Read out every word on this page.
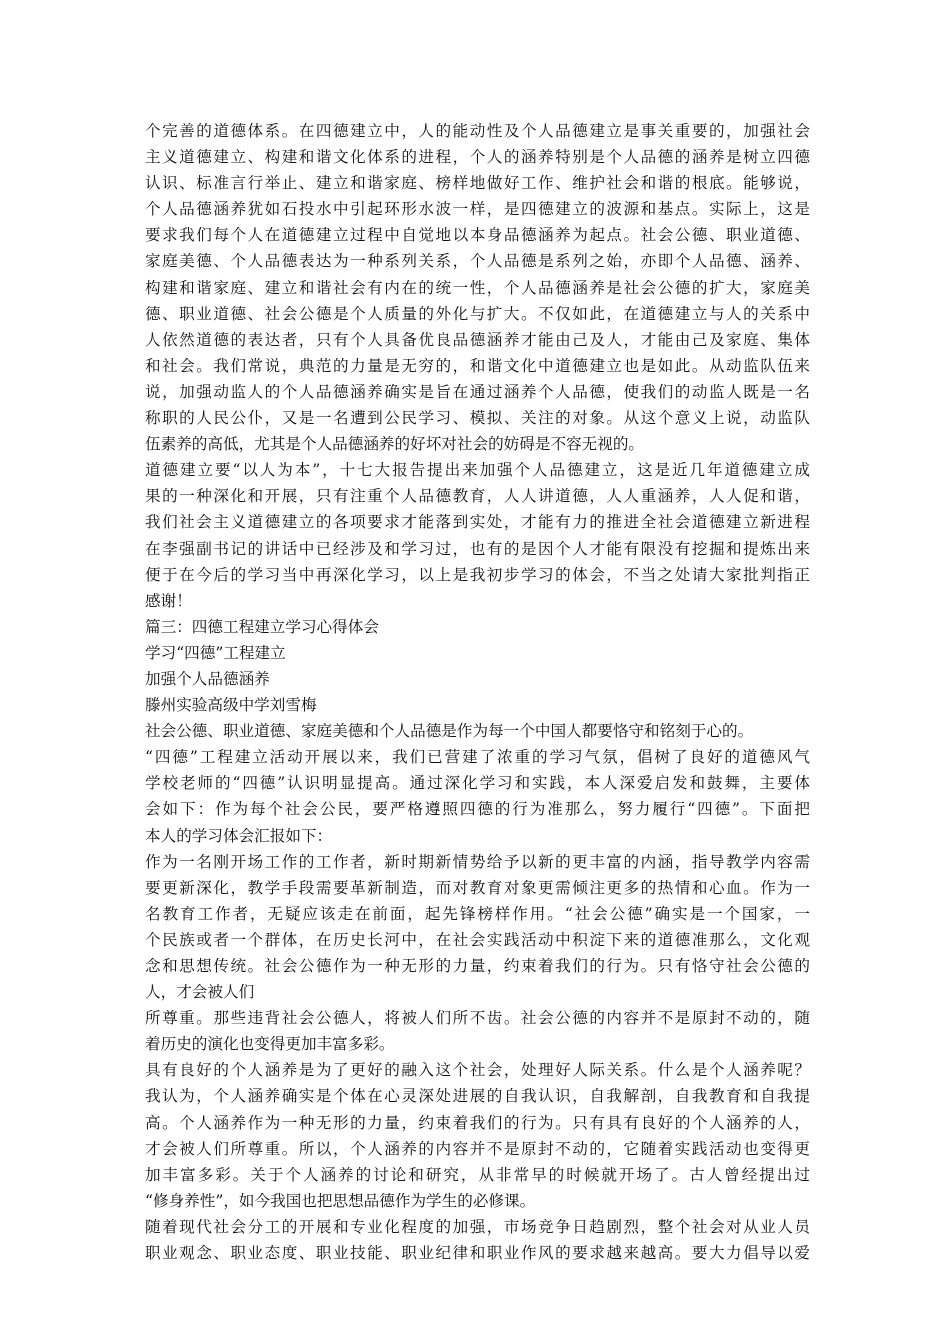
个完善的道德体系。在四德建立中，人的能动性及个人品德建立是事关重要的，加强社会
主义道德建立、构建和谐文化体系的进程，个人的涵养特别是个人品德的涵养是树立四德
认识、标准言行举止、建立和谐家庭、榜样地做好工作、维护社会和谐的根底。能够说，
个人品德涵养犹如石投水中引起环形水波一样，是四德建立的波源和基点。实际上，这是
要求我们每个人在道德建立过程中自觉地以本身品德涵养为起点。社会公德、职业道德、
家庭美德、个人品德表达为一种系列关系，个人品德是系列之始，亦即个人品德、涵养、
构建和谐家庭、建立和谐社会有内在的统一性，个人品德涵养是社会公德的扩大，家庭美
德、职业道德、社会公德是个人质量的外化与扩大。不仅如此，在道德建立与人的关系中
人依然道德的表达者，只有个人具备优良品德涵养才能由己及人，才能由己及家庭、集体
和社会。我们常说，典范的力量是无穷的，和谐文化中道德建立也是如此。从动监队伍来
说，加强动监人的个人品德涵养确实是旨在通过涵养个人品德，使我们的动监人既是一名
称职的人民公仆，又是一名遭到公民学习、模拟、关注的对象。从这个意义上说，动监队
伍素养的高低，尤其是个人品德涵养的好坏对社会的妨碍是不容无视的。
道德建立要“以人为本”，十七大报告提出来加强个人品德建立，这是近几年道德建立成
果的一种深化和开展，只有注重个人品德教育，人人讲道德，人人重涵养，人人促和谐，
我们社会主义道德建立的各项要求才能落到实处，才能有力的推进全社会道德建立新进程
在李强副书记的讲话中已经涉及和学习过，也有的是因个人才能有限没有挖掘和提炼出来
便于在今后的学习当中再深化学习，以上是我初步学习的体会，不当之处请大家批判指正
感谢！
篇三：四德工程建立学习心得体会
学习“四德”工程建立
加强个人品德涵养
滕州实验高级中学刘雪梅
社会公德、职业道德、家庭美德和个人品德是作为每一个中国人都要恪守和铭刻于心的。
“四德”工程建立活动开展以来，我们已营建了浓重的学习气氛，倡树了良好的道德风气
学校老师的“四德”认识明显提高。通过深化学习和实践，本人深爱启发和鼓舞，主要体
会如下：作为每个社会公民，要严格遵照四德的行为准那么，努力履行“四德”。下面把
本人的学习体会汇报如下：
作为一名刚开场工作的工作者，新时期新情势给予以新的更丰富的内涵，指导教学内容需
要更新深化，教学手段需要革新制造，而对教育对象更需倾注更多的热情和心血。作为一
名教育工作者，无疑应该走在前面，起先锋榜样作用。“社会公德”确实是一个国家，一
个民族或者一个群体，在历史长河中，在社会实践活动中积淀下来的道德准那么，文化观
念和思想传统。社会公德作为一种无形的力量，约束着我们的行为。只有恪守社会公德的
人，才会被人们
所尊重。那些违背社会公德人，将被人们所不齿。社会公德的内容并不是原封不动的，随
着历史的演化也变得更加丰富多彩。
具有良好的个人涵养是为了更好的融入这个社会，处理好人际关系。什么是个人涵养呢？
我认为，个人涵养确实是个体在心灵深处进展的自我认识，自我解剖，自我教育和自我提
高。个人涵养作为一种无形的力量，约束着我们的行为。只有具有良好的个人涵养的人，
才会被人们所尊重。所以，个人涵养的内容并不是原封不动的，它随着实践活动也变得更
加丰富多彩。关于个人涵养的讨论和研究，从非常早的时候就开场了。古人曾经提出过
“修身养性”，如今我国也把思想品德作为学生的必修课。
随着现代社会分工的开展和专业化程度的加强，市场竞争日趋剧烈，整个社会对从业人员
职业观念、职业态度、职业技能、职业纪律和职业作风的要求越来越高。要大力倡导以爱
